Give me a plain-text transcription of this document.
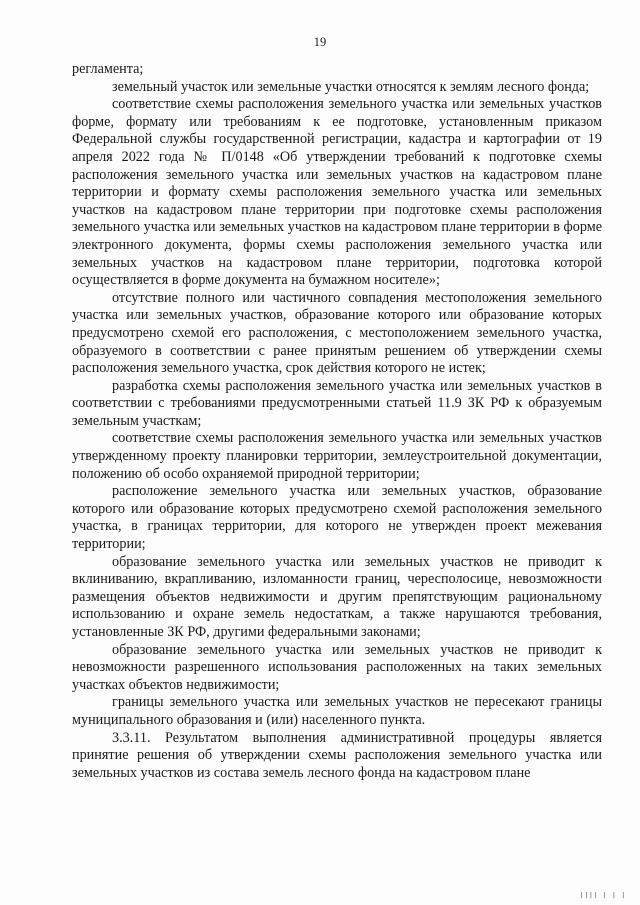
19

регламента;

земельный участок или земельные участки относятся к землям лесного фонда;

соответствие схемы расположения земельного участка или земельных участков форме, формату или требованиям к ее подготовке, установленным приказом Федеральной службы государственной регистрации, кадастра и картографии от 19 апреля 2022 года № П/0148 «Об утверждении требований к подготовке схемы расположения земельного участка или земельных участков на кадастровом плане территории и формату схемы расположения земельного участка или земельных участков на кадастровом плане территории при подготовке схемы расположения земельного участка или земельных участков на кадастровом плане территории в форме электронного документа, формы схемы расположения земельного участка или земельных участков на кадастровом плане территории, подготовка которой осуществляется в форме документа на бумажном носителе»;

отсутствие полного или частичного совпадения местоположения земельного участка или земельных участков, образование которого или образование которых предусмотрено схемой его расположения, с местоположением земельного участка, образуемого в соответствии с ранее принятым решением об утверждении схемы расположения земельного участка, срок действия которого не истек;

разработка схемы расположения земельного участка или земельных участков в соответствии с требованиями предусмотренными статьей 11.9 ЗК РФ к образуемым земельным участкам;

соответствие схемы расположения земельного участка или земельных участков утвержденному проекту планировки территории, землеустроительной документации, положению об особо охраняемой природной территории;

расположение земельного участка или земельных участков, образование которого или образование которых предусмотрено схемой расположения земельного участка, в границах территории, для которого не утвержден проект межевания территории;

образование земельного участка или земельных участков не приводит к вклиниванию, вкрапливанию, изломанности границ, чересполосице, невозможности размещения объектов недвижимости и другим препятствующим рациональному использованию и охране земель недостаткам, а также нарушаются требования, установленные ЗК РФ, другими федеральными законами;

образование земельного участка или земельных участков не приводит к невозможности разрешенного использования расположенных на таких земельных участках объектов недвижимости;

границы земельного участка или земельных участков не пересекают границы муниципального образования и (или) населенного пункта.

3.3.11. Результатом выполнения административной процедуры является принятие решения об утверждении схемы расположения земельного участка или земельных участков из состава земель лесного фонда на кадастровом плане

|||| | | |
